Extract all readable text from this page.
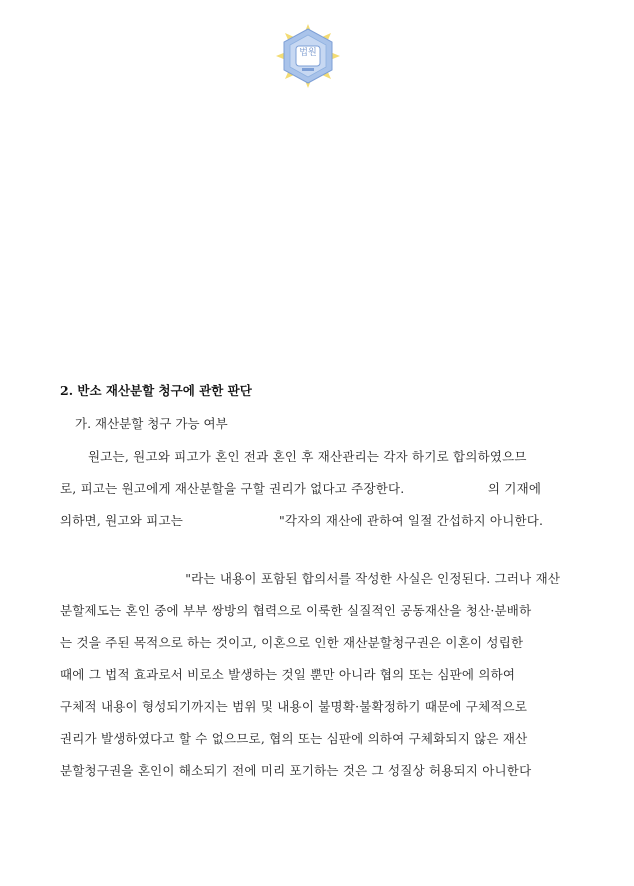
법원
2. 반소 재산분할 청구에 관한 판단
가. 재산분할 청구 가능 여부
원고는, 원고와 피고가 혼인 전과 혼인 후 재산관리는 각자 하기로 합의하였으므
로, 피고는 원고에게 재산분할을 구할 권리가 없다고 주장한다.                    의 기재에
의하면, 원고와 피고는                       "각자의 재산에 관하여 일절 간섭하지 아니한다.
"라는 내용이 포함된 합의서를 작성한 사실은 인정된다. 그러나 재산
분할제도는 혼인 중에 부부 쌍방의 협력으로 이룩한 실질적인 공동재산을 청산·분배하
는 것을 주된 목적으로 하는 것이고, 이혼으로 인한 재산분할청구권은 이혼이 성립한
때에 그 법적 효과로서 비로소 발생하는 것일 뿐만 아니라 협의 또는 심판에 의하여
구체적 내용이 형성되기까지는 범위 및 내용이 불명확·불확정하기 때문에 구체적으로
권리가 발생하였다고 할 수 없으므로, 협의 또는 심판에 의하여 구체화되지 않은 재산
분할청구권을 혼인이 해소되기 전에 미리 포기하는 것은 그 성질상 허용되지 아니한다
